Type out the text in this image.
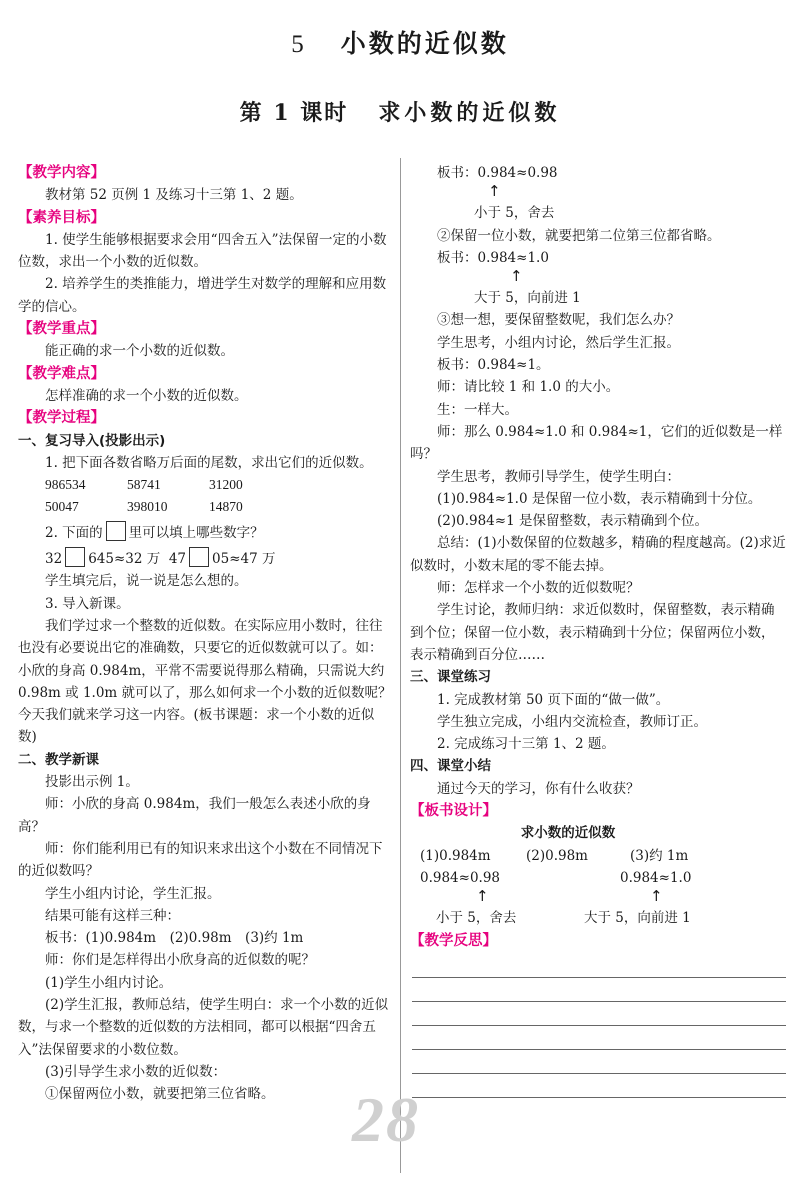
5 小数的近似数
第 1 课时 求小数的近似数

【教学内容】

教材第 52 页例 1 及练习十三第 1、2 题。

【素养目标】

1. 使学生能够根据要求会用“四舍五入”法保留一定的小数位数，求出一个小数的近似数。

2. 培养学生的类推能力，增进学生对数学的理解和应用数学的信心。

【教学重点】

能正确的求一个小数的近似数。

【教学难点】

怎样准确的求一个小数的近似数。

【教学过程】

一、复习导入(投影出示)

1. 把下面各数省略万后面的尾数，求出它们的近似数。

986534	58741	31200
50047	398010	14870

2. 下面的 里可以填上哪些数字？

32 645≈32 万 47 05≈47 万

学生填完后，说一说是怎么想的。

3. 导入新课。

我们学过求一个整数的近似数。在实际应用小数时，往往也没有必要说出它的准确数，只要它的近似数就可以了。如：小欣的身高 0.984m，平常不需要说得那么精确，只需说大约 0.98m 或 1.0m 就可以了，那么如何求一个小数的近似数呢？今天我们就来学习这一内容。(板书课题：求一个小数的近似数)

二、教学新课

投影出示例 1。

师：小欣的身高 0.984m，我们一般怎么表述小欣的身高？

师：你们能利用已有的知识来求出这个小数在不同情况下的近似数吗？

学生小组内讨论，学生汇报。

结果可能有这样三种：

板书：(1)0.984m　(2)0.98m　(3)约 1m

师：你们是怎样得出小欣身高的近似数的呢？

(1)学生小组内讨论。

(2)学生汇报，教师总结，使学生明白：求一个小数的近似数，与求一个整数的近似数的方法相同，都可以根据“四舍五入”法保留要求的小数位数。

(3)引导学生求小数的近似数：

①保留两位小数，就要把第三位省略。

板书：0.984≈0.98

↑

小于 5，舍去

②保留一位小数，就要把第二位第三位都省略。

板书：0.984≈1.0

↑

大于 5，向前进 1

③想一想，要保留整数呢，我们怎么办？

学生思考，小组内讨论，然后学生汇报。

板书：0.984≈1。

师：请比较 1 和 1.0 的大小。

生：一样大。

师：那么 0.984≈1.0 和 0.984≈1，它们的近似数是一样吗？

学生思考，教师引导学生，使学生明白：

(1)0.984≈1.0 是保留一位小数，表示精确到十分位。

(2)0.984≈1 是保留整数，表示精确到个位。

总结：(1)小数保留的位数越多，精确的程度越高。(2)求近似数时，小数末尾的零不能去掉。

师：怎样求一个小数的近似数呢？

学生讨论，教师归纳：求近似数时，保留整数，表示精确到个位；保留一位小数，表示精确到十分位；保留两位小数，表示精确到百分位……

三、课堂练习

1. 完成教材第 50 页下面的“做一做”。

学生独立完成，小组内交流检查，教师订正。

2. 完成练习十三第 1、2 题。

四、课堂小结

通过今天的学习，你有什么收获？

【板书设计】

求小数的近似数

(1)0.984m	(2)0.98m	(3)约 1m
0.984≈0.98	0.984≈1.0
↑	↑
小于 5，舍去	大于 5，向前进 1

【教学反思】

28
